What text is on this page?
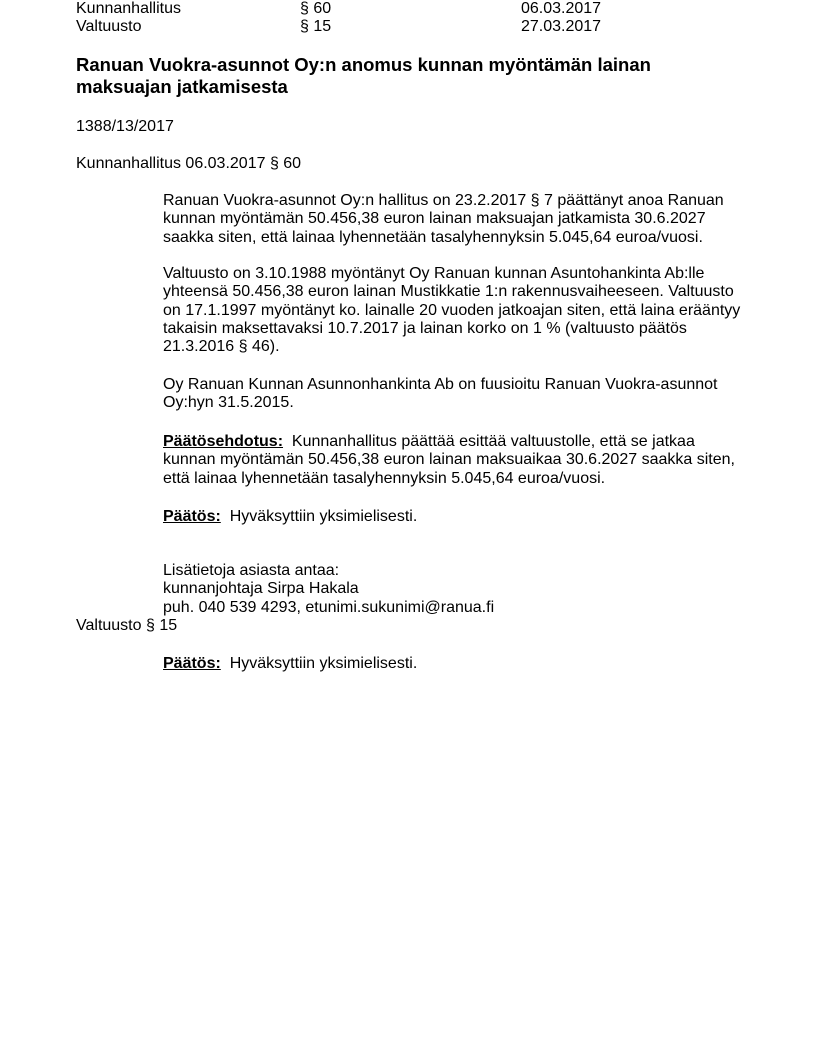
Kunnanhallitus	§ 60	06.03.2017
Valtuusto	§ 15	27.03.2017
Ranuan Vuokra-asunnot Oy:n anomus kunnan myöntämän lainan maksuajan jatkamisesta

1388/13/2017

Kunnanhallitus 06.03.2017 § 60

Ranuan Vuokra-asunnot Oy:n hallitus on 23.2.2017 § 7 päättänyt anoa Ranuan kunnan myöntämän 50.456,38 euron lainan maksuajan jatkamista 30.6.2027 saakka siten, että lainaa lyhennetään tasalyhennyksin 5.045,64 euroa/vuosi.

Valtuusto on 3.10.1988 myöntänyt Oy Ranuan kunnan Asuntohankinta Ab:lle yhteensä 50.456,38 euron lainan Mustikkatie 1:n rakennusvaiheeseen. Valtuusto on 17.1.1997 myöntänyt ko. lainalle 20 vuoden jatkoajan siten, että laina erääntyy takaisin maksettavaksi 10.7.2017 ja lainan korko on 1 % (valtuusto päätös 21.3.2016 § 46).

Oy Ranuan Kunnan Asunnonhankinta Ab on fuusioitu Ranuan Vuokra-asunnot Oy:hyn 31.5.2015.

Päätösehdotus: Kunnanhallitus päättää esittää valtuustolle, että se jatkaa kunnan myöntämän 50.456,38 euron lainan maksuaikaa 30.6.2027 saakka siten, että lainaa lyhennetään tasalyhennyksin 5.045,64 euroa/vuosi.

Päätös: Hyväksyttiin yksimielisesti.

Lisätietoja asiasta antaa:

kunnanjohtaja Sirpa Hakala

puh. 040 539 4293, etunimi.sukunimi@ranua.fi

Valtuusto § 15

Päätös: Hyväksyttiin yksimielisesti.
